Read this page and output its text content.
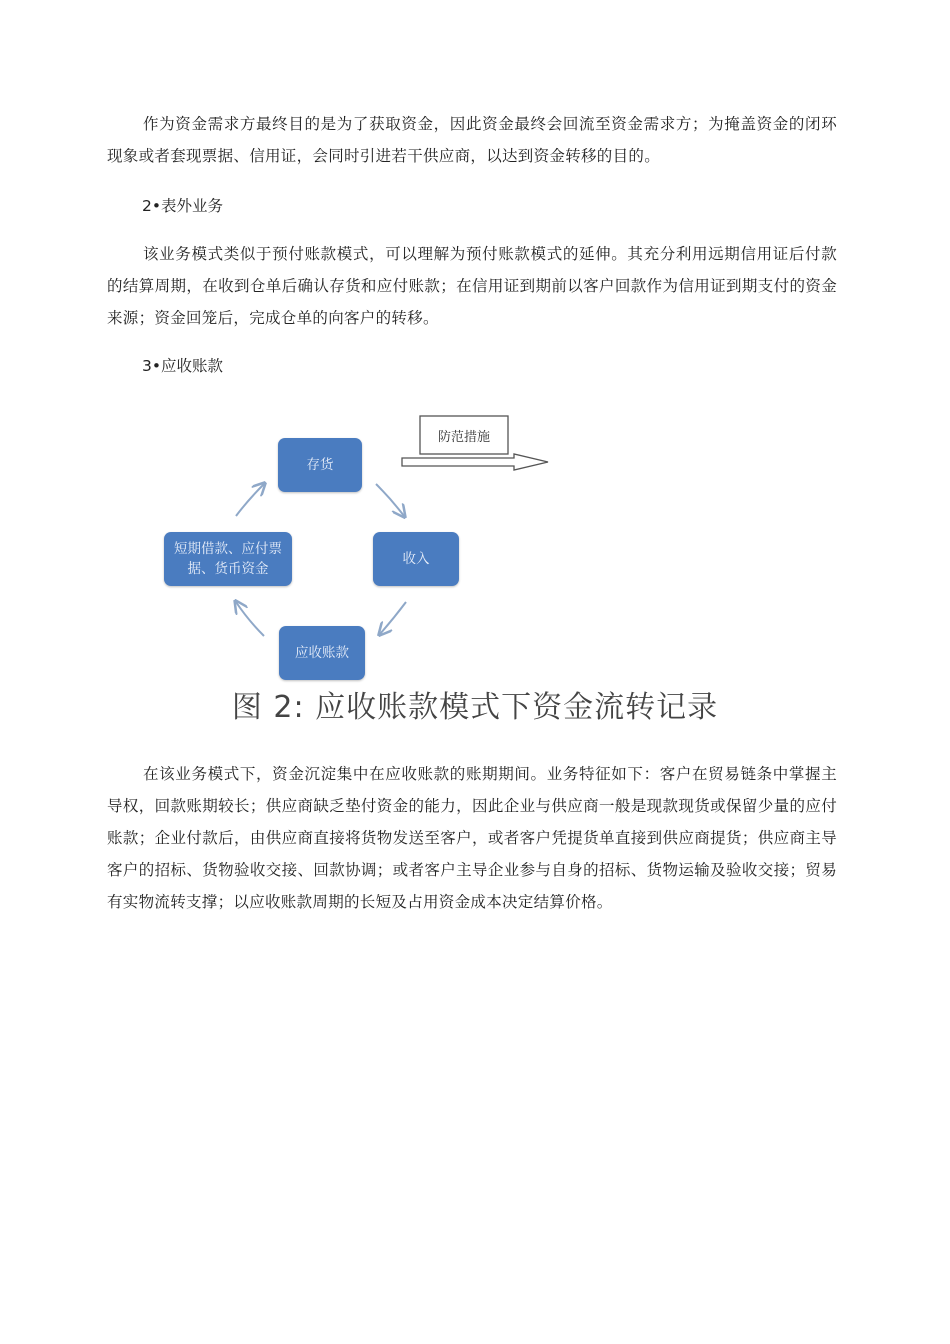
作为资金需求方最终目的是为了获取资金，因此资金最终会回流至资金需求方；为掩盖资金的闭环现象或者套现票据、信用证，会同时引进若干供应商，以达到资金转移的目的。

2•表外业务

该业务模式类似于预付账款模式，可以理解为预付账款模式的延伸。其充分利用远期信用证后付款的结算周期，在收到仓单后确认存货和应付账款；在信用证到期前以客户回款作为信用证到期支付的资金来源；资金回笼后，完成仓单的向客户的转移。

3•应收账款

存货
收入
应收账款
短期借款、应付票据、货币资金
防范措施

图 2: 应收账款模式下资金流转记录

在该业务模式下，资金沉淀集中在应收账款的账期期间。业务特征如下：客户在贸易链条中掌握主导权，回款账期较长；供应商缺乏垫付资金的能力，因此企业与供应商一般是现款现货或保留少量的应付账款；企业付款后，由供应商直接将货物发送至客户，或者客户凭提货单直接到供应商提货；供应商主导客户的招标、货物验收交接、回款协调；或者客户主导企业参与自身的招标、货物运输及验收交接；贸易有实物流转支撑；以应收账款周期的长短及占用资金成本决定结算价格。
